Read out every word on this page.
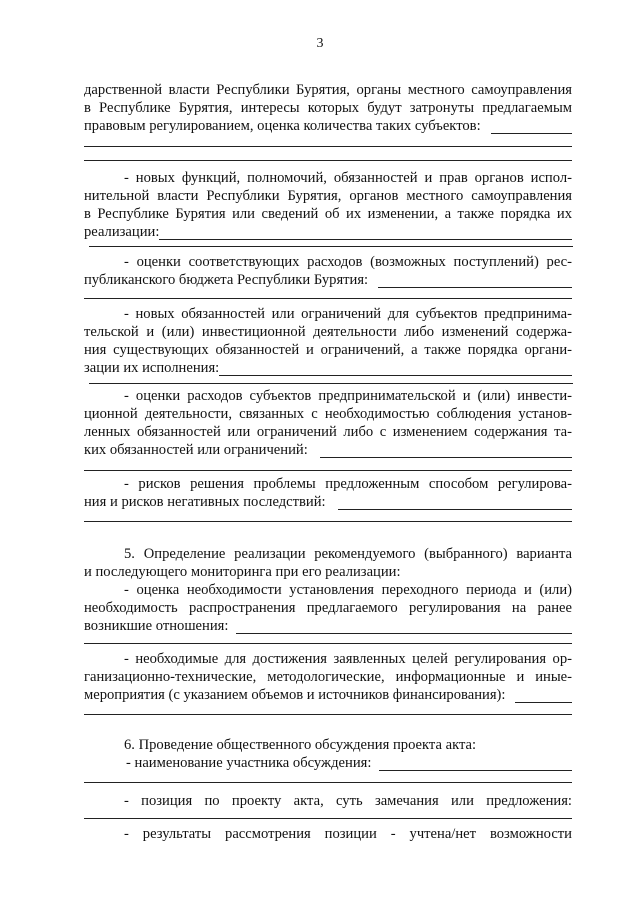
3
дарственной власти Республики Бурятия, органы местного самоуправления
в Республике Бурятия, интересы которых будут затронуты предлагаемым
правовым регулированием, оценка количества таких субъектов:
- новых функций, полномочий, обязанностей и прав органов испол-
нительной власти Республики Бурятия, органов местного самоуправления
в Республике Бурятия или сведений об их изменении, а также порядка их
реализации:
- оценки соответствующих расходов (возможных поступлений) рес-
публиканского бюджета Республики Бурятия:
- новых обязанностей или ограничений для субъектов предпринима-
тельской и (или) инвестиционной деятельности либо изменений содержа-
ния существующих обязанностей и ограничений, а также порядка органи-
зации их исполнения:
- оценки расходов субъектов предпринимательской и (или) инвести-
ционной деятельности, связанных с необходимостью соблюдения установ-
ленных обязанностей или ограничений либо с изменением содержания та-
ких обязанностей или ограничений:
- рисков решения проблемы предложенным способом регулирова-
ния и рисков негативных последствий:
5. Определение реализации рекомендуемого (выбранного) варианта
и последующего мониторинга при его реализации:
- оценка необходимости установления переходного периода и (или)
необходимость распространения предлагаемого регулирования на ранее
возникшие отношения:
- необходимые для достижения заявленных целей регулирования ор-
ганизационно-технические, методологические, информационные и иные-
мероприятия (с указанием объемов и источников финансирования):
6. Проведение общественного обсуждения проекта акта:
- наименование участника обсуждения:
- позиция по проекту акта, суть замечания или предложения:
- результаты рассмотрения позиции - учтена/нет возможности
